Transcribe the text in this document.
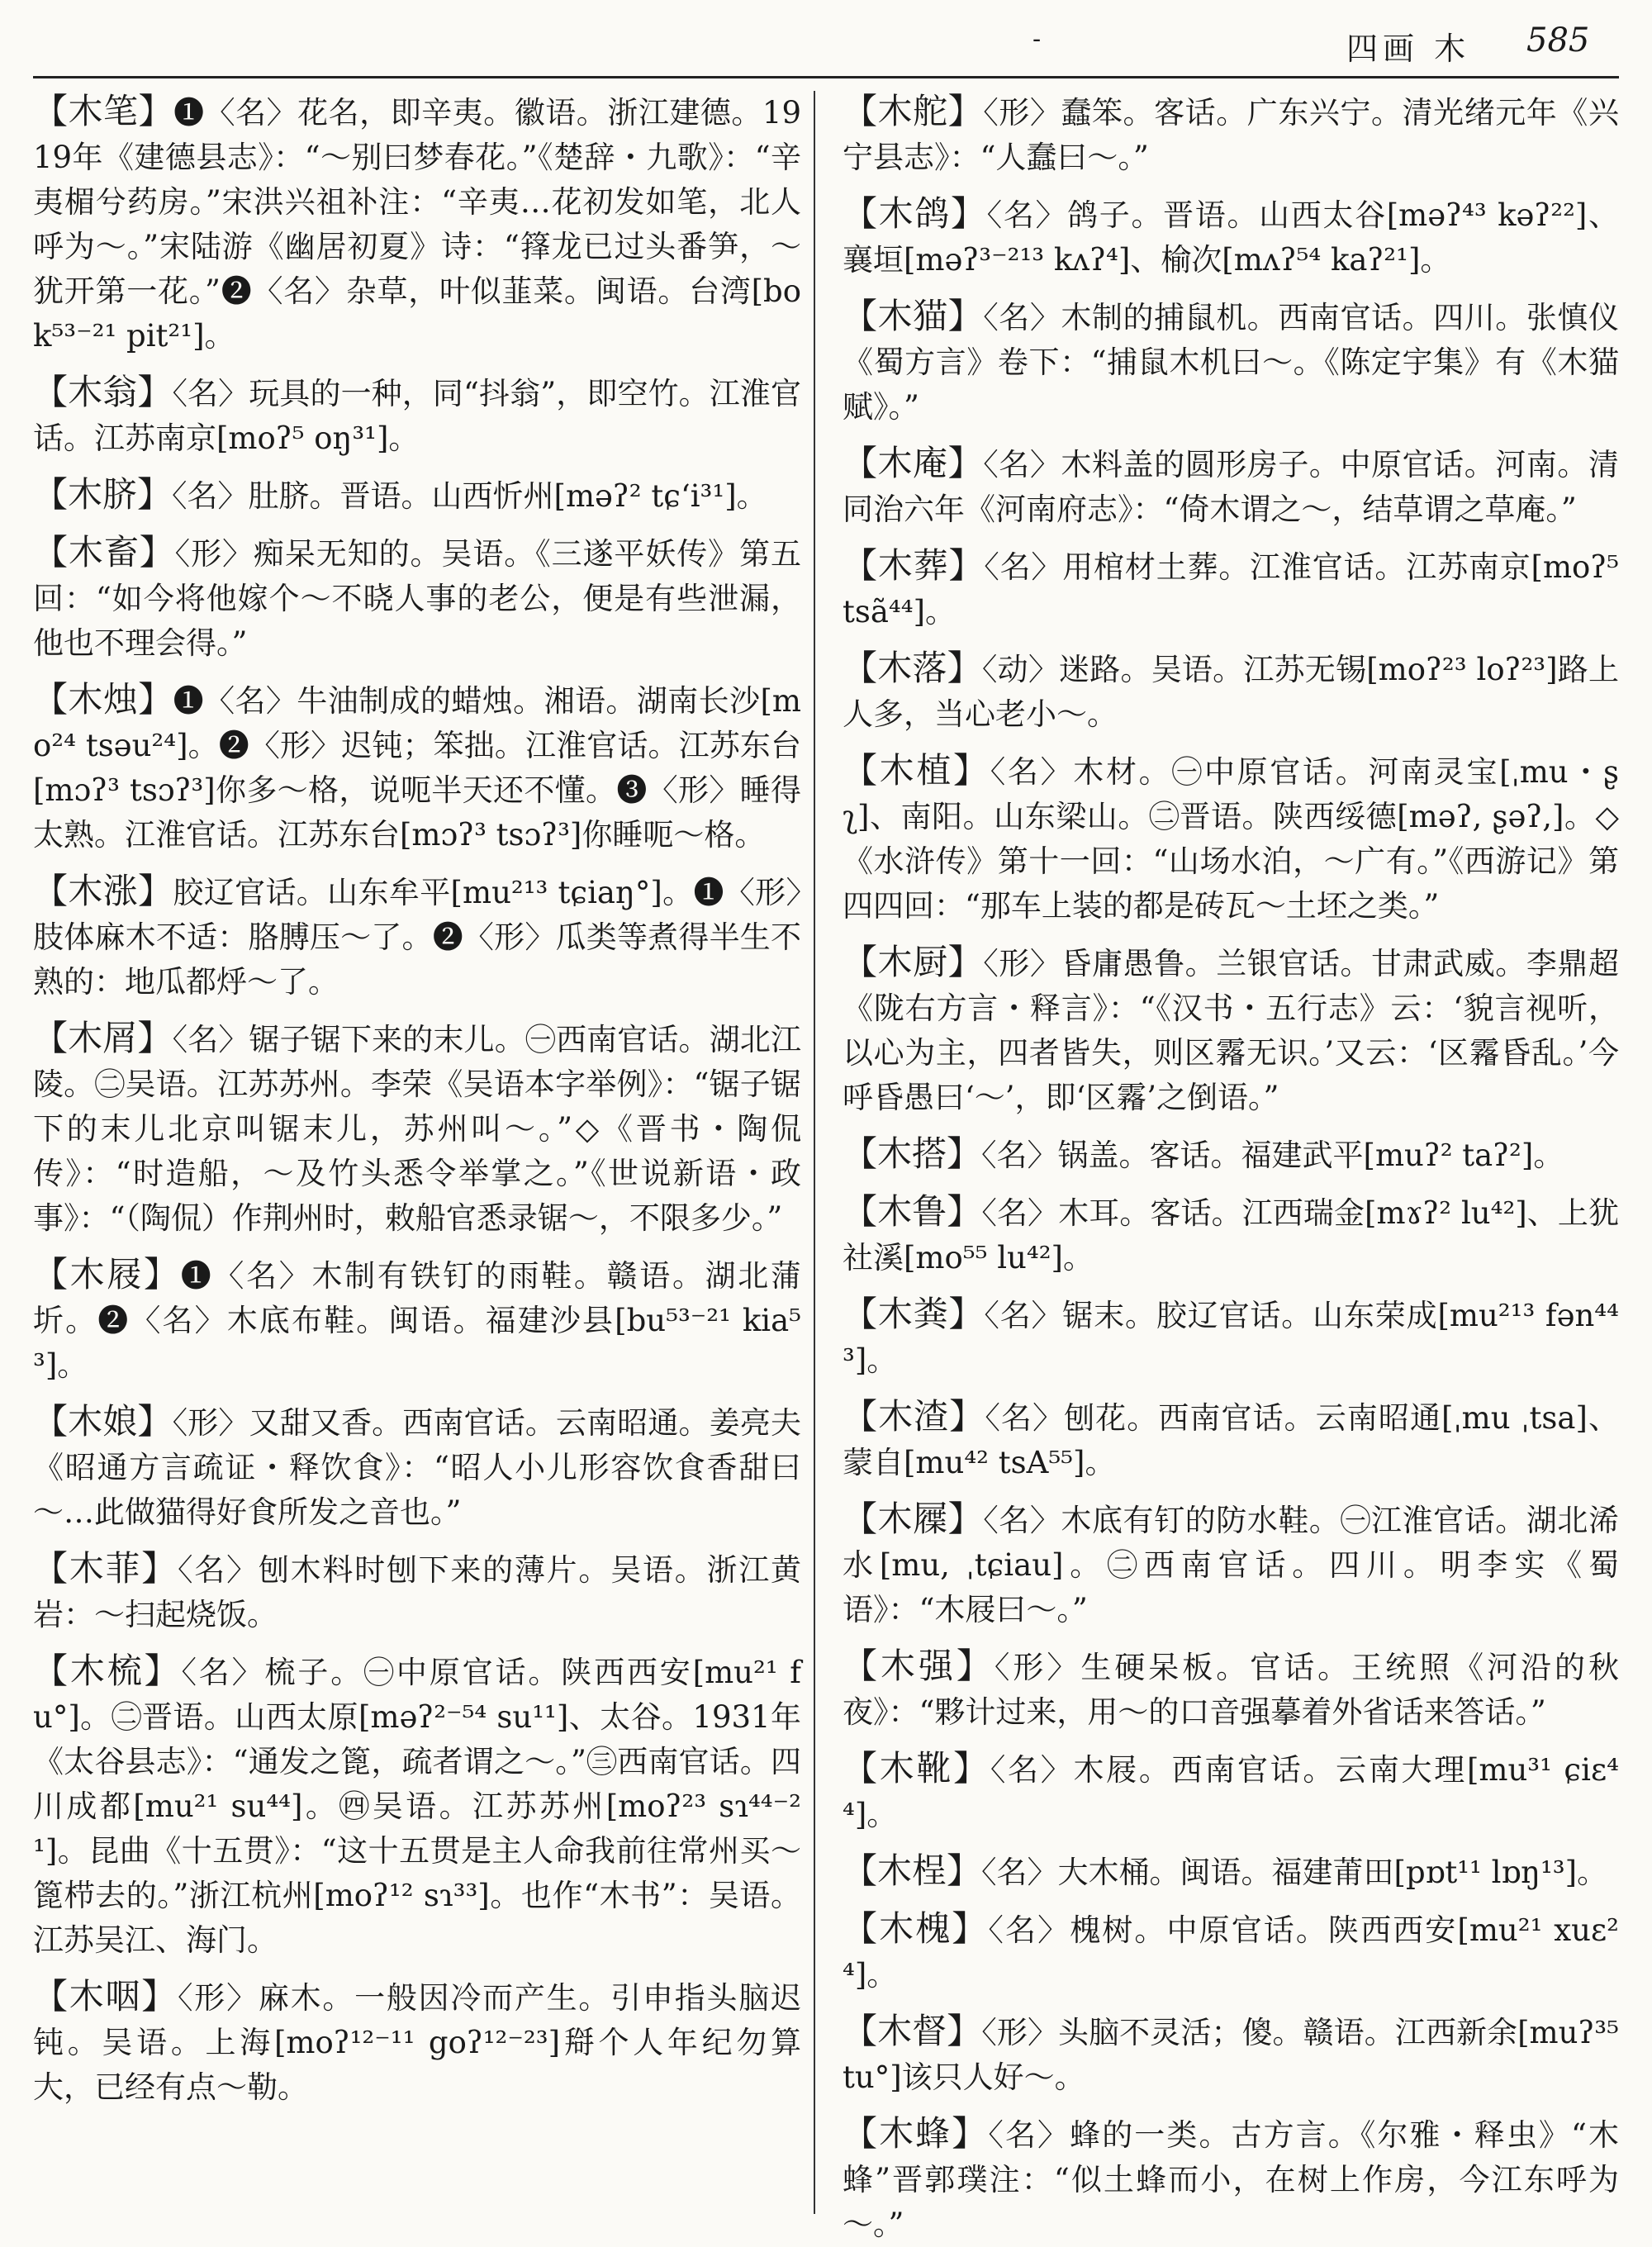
-	四画 木 585

【木笔】❶〈名〉花名，即辛夷。徽语。浙江建德。1919年《建德县志》：“～别曰梦春花。”《楚辞・九歌》：“辛夷楣兮药房。”宋洪兴祖补注：“辛夷…花初发如笔，北人呼为～。”宋陆游《幽居初夏》诗：“箨龙已过头番笋，～犹开第一花。”❷〈名〉杂草，叶似韮菜。闽语。台湾[bok⁵³⁻²¹ pit²¹]。

【木翁】〈名〉玩具的一种，同“抖翁”，即空竹。江淮官话。江苏南京[moʔ⁵ oŋ³¹]。

【木脐】〈名〉肚脐。晋语。山西忻州[məʔ² tɕʻi³¹]。

【木畜】〈形〉痴呆无知的。吴语。《三遂平妖传》第五回：“如今将他嫁个～不晓人事的老公，便是有些泄漏，他也不理会得。”

【木烛】❶〈名〉牛油制成的蜡烛。湘语。湖南长沙[mo²⁴ tsəu²⁴]。❷〈形〉迟钝；笨拙。江淮官话。江苏东台[mɔʔ³ tsɔʔ³]你多～格，说呃半天还不懂。❸〈形〉睡得太熟。江淮官话。江苏东台[mɔʔ³ tsɔʔ³]你睡呃～格。

【木涨】胶辽官话。山东牟平[mu²¹³ tɕiaŋ°]。❶〈形〉肢体麻木不适：胳膊压～了。❷〈形〉瓜类等煮得半生不熟的：地瓜都烀～了。

【木屑】〈名〉锯子锯下来的末儿。㊀西南官话。湖北江陵。㊁吴语。江苏苏州。李荣《吴语本字举例》：“锯子锯下的末儿北京叫锯末儿，苏州叫～。”◇《晋书・陶侃传》：“时造船，～及竹头悉令举掌之。”《世说新语・政事》：“（陶侃）作荆州时，敕船官悉录锯～，不限多少。”

【木屐】❶〈名〉木制有铁钉的雨鞋。赣语。湖北蒲圻。❷〈名〉木底布鞋。闽语。福建沙县[bu⁵³⁻²¹ kia⁵³]。

【木娘】〈形〉又甜又香。西南官话。云南昭通。姜亮夫《昭通方言疏证・释饮食》：“昭人小儿形容饮食香甜曰～…此做猫得好食所发之音也。”

【木菲】〈名〉刨木料时刨下来的薄片。吴语。浙江黄岩：～扫起烧饭。

【木梳】〈名〉梳子。㊀中原官话。陕西西安[mu²¹ fu°]。㊁晋语。山西太原[məʔ²⁻⁵⁴ su¹¹]、太谷。1931年《太谷县志》：“通发之篦，疏者谓之～。”㊂西南官话。四川成都[mu²¹ su⁴⁴]。㊃吴语。江苏苏州[moʔ²³ sɿ⁴⁴⁻²¹]。昆曲《十五贯》：“这十五贯是主人命我前往常州买～篦栉去的。”浙江杭州[moʔ¹² sɿ³³]。也作“木书”：吴语。江苏吴江、海门。

【木咽】〈形〉麻木。一般因冷而产生。引申指头脑迟钝。吴语。上海[moʔ¹²⁻¹¹ goʔ¹²⁻²³]搿个人年纪勿算大，已经有点～勒。

【木舵】〈形〉蠢笨。客话。广东兴宁。清光绪元年《兴宁县志》：“人蠢曰～。”

【木鸽】〈名〉鸽子。晋语。山西太谷[məʔ⁴³ kəʔ²²]、襄垣[məʔ³⁻²¹³ kʌʔ⁴]、榆次[mʌʔ⁵⁴ kaʔ²¹]。

【木猫】〈名〉木制的捕鼠机。西南官话。四川。张慎仪《蜀方言》卷下：“捕鼠木机曰～。《陈定宇集》有《木猫赋》。”

【木庵】〈名〉木料盖的圆形房子。中原官话。河南。清同治六年《河南府志》：“倚木谓之～，结草谓之草庵。”

【木葬】〈名〉用棺材土葬。江淮官话。江苏南京[moʔ⁵ tsã⁴⁴]。

【木落】〈动〉迷路。吴语。江苏无锡[moʔ²³ loʔ²³]路上人多，当心老小～。

【木植】〈名〉木材。㊀中原官话。河南灵宝[ˌmu・ʂʅ]、南阳。山东梁山。㊁晋语。陕西绥德[məʔ, ʂəʔ,]。◇《水浒传》第十一回：“山场水泊，～广有。”《西游记》第四四回：“那车上装的都是砖瓦～土坯之类。”

【木厨】〈形〉昏庸愚鲁。兰银官话。甘肃武威。李鼎超《陇右方言・释言》：“《汉书・五行志》云：‘貌言视听，以心为主，四者皆失，则区霿无识。’又云：‘区霿昏乱。’今呼昏愚曰‘～’，即‘区霿’之倒语。”

【木搭】〈名〉锅盖。客话。福建武平[muʔ² taʔ²]。

【木鲁】〈名〉木耳。客话。江西瑞金[mɤʔ² lu⁴²]、上犹社溪[mo⁵⁵ lu⁴²]。

【木粪】〈名〉锯末。胶辽官话。山东荣成[mu²¹³ fən⁴⁴³]。

【木渣】〈名〉刨花。西南官话。云南昭通[ˌmu ˌtsa]、蒙自[mu⁴² tsA⁵⁵]。

【木屧】〈名〉木底有钉的防水鞋。㊀江淮官话。湖北浠水[mu, ˌtɕiau]。㊁西南官话。四川。明李实《蜀语》：“木屐曰～。”

【木强】〈形〉生硬呆板。官话。王统照《河沿的秋夜》：“夥计过来，用～的口音强摹着外省话来答话。”

【木靴】〈名〉木屐。西南官话。云南大理[mu³¹ ɕiɛ⁴⁴]。

【木桯】〈名〉大木桶。闽语。福建莆田[pɒt¹¹ lɒŋ¹³]。

【木槐】〈名〉槐树。中原官话。陕西西安[mu²¹ xuɛ²⁴]。

【木督】〈形〉头脑不灵活；傻。赣语。江西新余[muʔ³⁵ tu°]该只人好～。

【木蜂】〈名〉蜂的一类。古方言。《尔雅・释虫》“木蜂”晋郭璞注：“似土蜂而小，在树上作房，今江东呼为～。”
